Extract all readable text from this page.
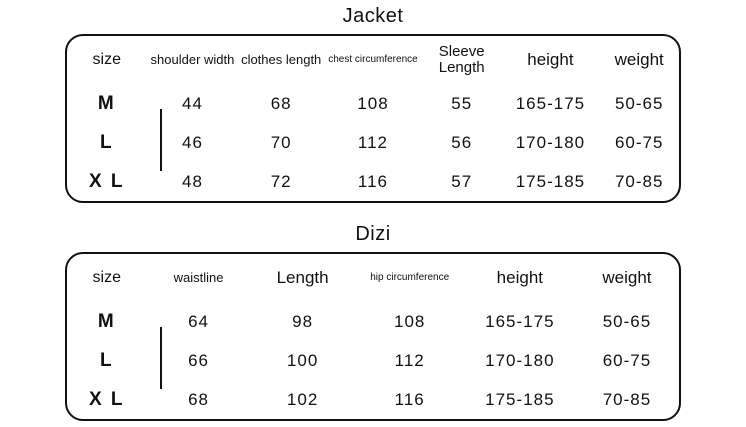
Jacket
size	shoulder width	clothes length	chest circumference	Sleeve Length	height	weight
M	44	68	108	55	165-175	50-65
L	46	70	112	56	170-180	60-75
X L	48	72	116	57	175-185	70-85
Dizi
size	waistline	Length	hip circumference	height	weight
M	64	98	108	165-175	50-65
L	66	100	112	170-180	60-75
X L	68	102	116	175-185	70-85
